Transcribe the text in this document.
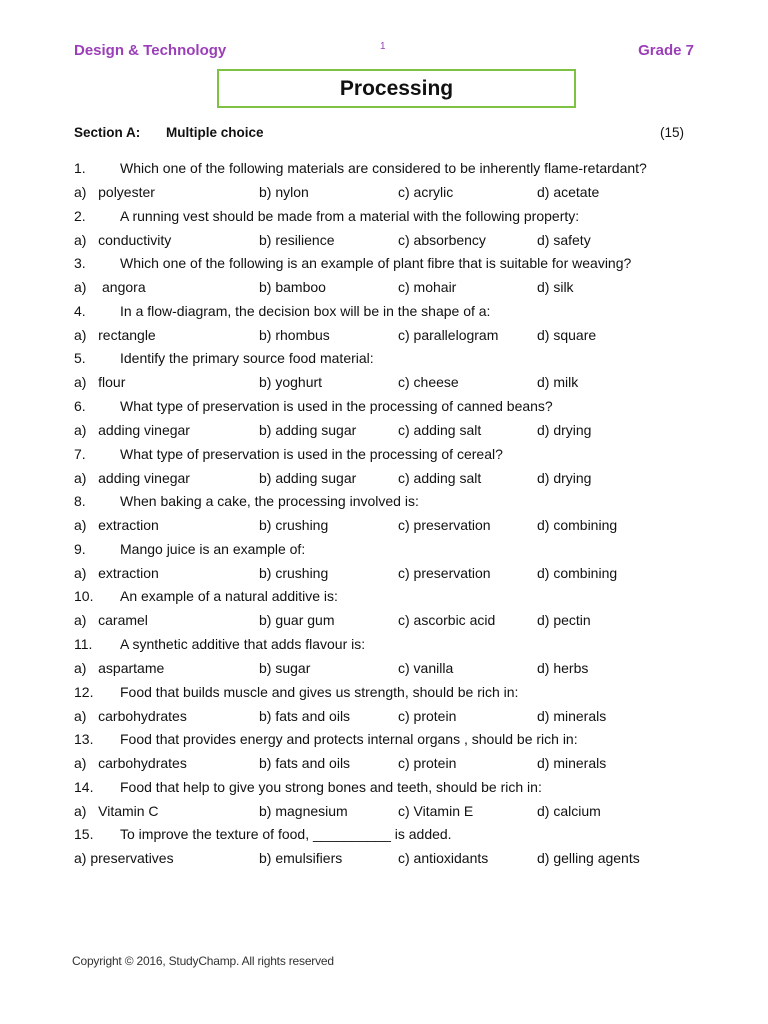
Design & Technology	1	Grade 7
Processing
Section A: Multiple choice	(15)
1. Which one of the following materials are considered to be inherently flame-retardant?
a)   polyester	b) nylon	c) acrylic	d) acetate
2. A running vest should be made from a material with the following property:
a)   conductivity	b) resilience	c) absorbency	d) safety
3. Which one of the following is an example of plant fibre that is suitable for weaving?
a)    angora	b) bamboo	c) mohair	d) silk
4. In a flow-diagram, the decision box will be in the shape of a:
a)   rectangle	b) rhombus	c) parallelogram	d) square
5. Identify the primary source food material:
a)   flour	b) yoghurt	c) cheese	d) milk
6. What type of preservation is used in the processing of canned beans?
a)   adding vinegar	b) adding sugar	c) adding salt	d) drying
7. What type of preservation is used in the processing of cereal?
a)   adding vinegar	b) adding sugar	c) adding salt	d) drying
8. When baking a cake, the processing involved is:
a)   extraction	b) crushing	c) preservation	d) combining
9. Mango juice is an example of:
a)   extraction	b) crushing	c) preservation	d) combining
10. An example of a natural additive is:
a)   caramel	b) guar gum	c) ascorbic acid	d) pectin
11. A synthetic additive that adds flavour is:
a)   aspartame	b) sugar	c) vanilla	d) herbs
12. Food that builds muscle and gives us strength, should be rich in:
a)   carbohydrates	b) fats and oils	c) protein	d) minerals
13. Food that provides energy and protects internal organs , should be rich in:
a)   carbohydrates	b) fats and oils	c) protein	d) minerals
14. Food that help to give you strong bones and teeth, should be rich in:
a)   Vitamin C	b) magnesium	c) Vitamin E	d) calcium
15. To improve the texture of food, __________ is added.
a) preservatives	b) emulsifiers	c) antioxidants	d) gelling agents
Copyright © 2016, StudyChamp. All rights reserved
